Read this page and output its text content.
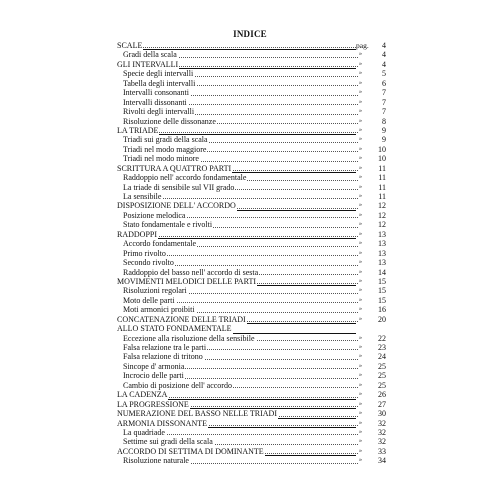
INDICE
SCALE	pag.	4
Gradi della scala	»	4
GLI INTERVALLI	»	4
Specie degli intervalli	»	5
Tabella degli intervalli	»	6
Intervalli consonanti	»	7
Intervalli dissonanti	»	7
Rivolti degli intervalli	»	7
Risoluzione delle dissonanze	»	8
LA TRIADE	»	9
Triadi sui gradi della scala	»	9
Triadi nel modo maggiore	»	10
Triadi nel modo minore	»	10
SCRITTURA A QUATTRO PARTI	»	11
Raddoppio nell' accordo fondamentale	»	11
La triade di sensibile sul VII grado	»	11
La sensibile	»	11
DISPOSIZIONE DELL' ACCORDO	»	12
Posizione melodica	»	12
Stato fondamentale e rivolti	»	12
RADDOPPI	»	13
Accordo fondamentale	»	13
Primo rivolto	»	13
Secondo rivolto	»	13
Raddoppio del basso nell' accordo di sesta	»	14
MOVIMENTI MELODICI DELLE PARTI	»	15
Risoluzioni regolari	»	15
Moto delle parti	»	15
Moti armonici proibiti	»	16
CONCATENAZIONE DELLE TRIADI	»	20
ALLO STATO FONDAMENTALE
Eccezione alla risoluzione della sensibile	»	22
Falsa relazione tra le parti	»	23
Falsa relazione di tritono	»	24
Sincope d' armonia	»	25
Incrocio delle parti	»	25
Cambio di posizione dell' accordo	»	25
LA CADENZA	»	26
LA PROGRESSIONE	»	27
NUMERAZIONE DEL BASSO NELLE TRIADI	»	30
ARMONIA DISSONANTE	»	32
La quadriade	»	32
Settime sui gradi della scala	»	32
ACCORDO DI SETTIMA DI DOMINANTE	»	33
Risoluzione naturale	»	34
